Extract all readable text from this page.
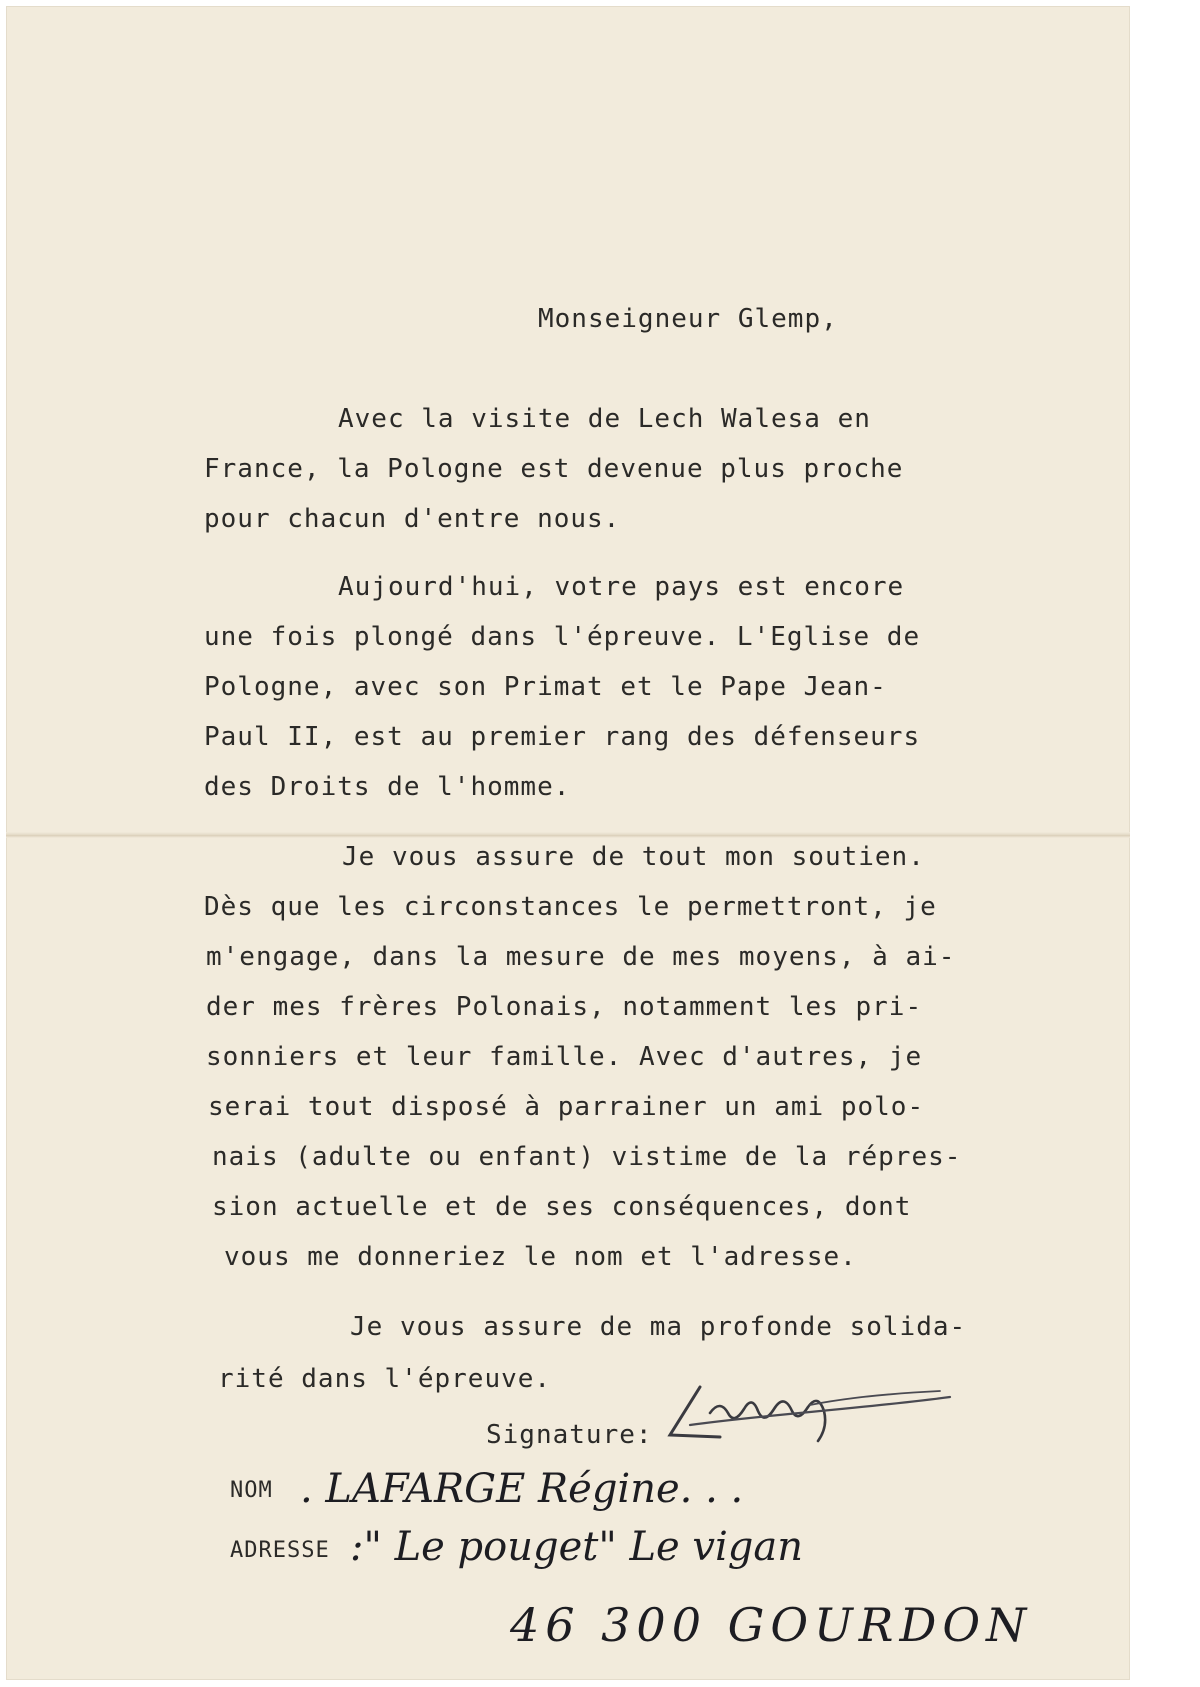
Monseigneur Glemp,
Avec la visite de Lech Walesa en
France, la Pologne est devenue plus proche
pour chacun d'entre nous.
Aujourd'hui, votre pays est encore
une fois plongé dans l'épreuve. L'Eglise de
Pologne, avec son Primat et le Pape Jean-
Paul II, est au premier rang des défenseurs
des Droits de l'homme.
Je vous assure de tout mon soutien.
Dès que les circonstances le permettront, je
m'engage, dans la mesure de mes moyens, à ai-
der mes frères Polonais, notamment les pri-
sonniers et leur famille. Avec d'autres, je
serai tout disposé à parrainer un ami polo-
nais (adulte ou enfant) vistime de la répres-
sion actuelle et de ses conséquences, dont
vous me donneriez le nom et l'adresse.
Je vous assure de ma profonde solida-
rité dans l'épreuve.
Signature:
NOM . LAFARGE Régine. . .
ADRESSE :" Le pouget" Le vigan
46 300 GOURDON
